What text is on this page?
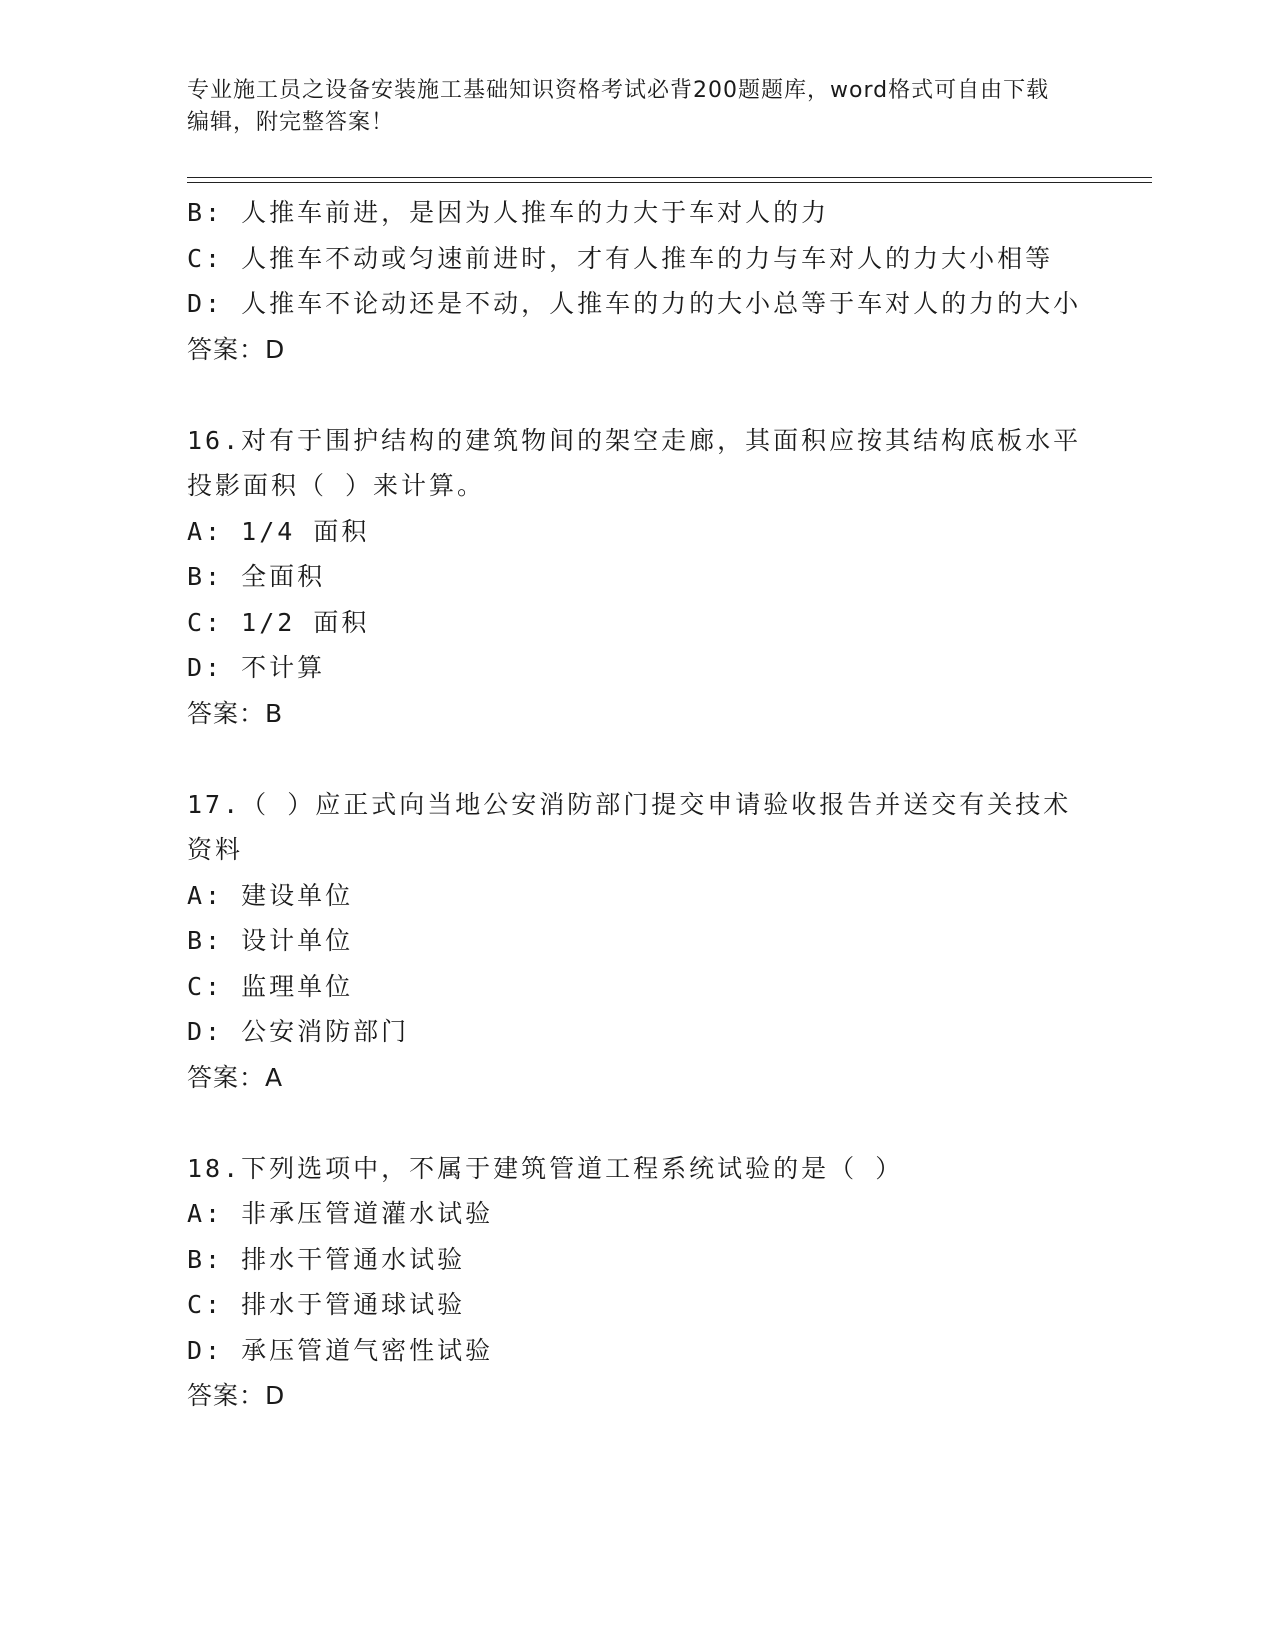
专业施工员之设备安装施工基础知识资格考试必背200题题库，word格式可自由下载编辑，附完整答案！

B: 人推车前进，是因为人推车的力大于车对人的力

C: 人推车不动或匀速前进时，才有人推车的力与车对人的力大小相等

D: 人推车不论动还是不动，人推车的力的大小总等于车对人的力的大小

答案：D

16.对有于围护结构的建筑物间的架空走廊，其面积应按其结构底板水平投影面积（ ）来计算。

A: 1/4 面积

B: 全面积

C: 1/2 面积

D: 不计算

答案：B

17.（ ）应正式向当地公安消防部门提交申请验收报告并送交有关技术资料

A: 建设单位

B: 设计单位

C: 监理单位

D: 公安消防部门

答案：A

18.下列选项中，不属于建筑管道工程系统试验的是（ ）

A: 非承压管道灌水试验

B: 排水干管通水试验

C: 排水于管通球试验

D: 承压管道气密性试验

答案：D
